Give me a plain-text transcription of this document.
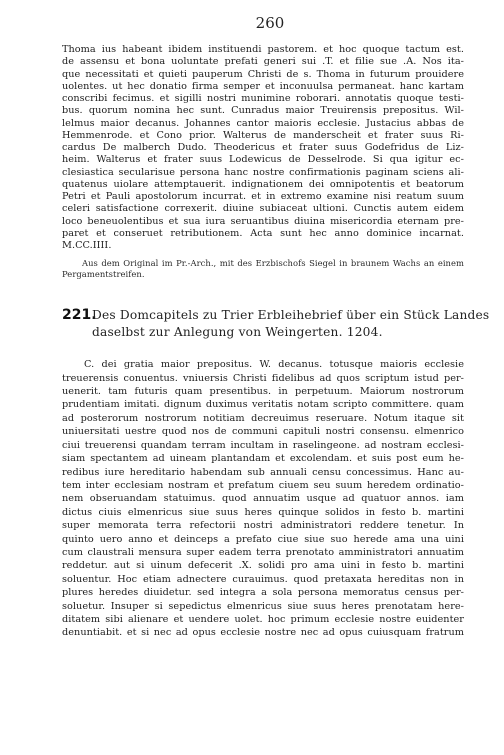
260
Thoma ius habeant ibidem instituendi pastorem. et hoc quoque tactum est.
de assensu et bona uoluntate prefati generi sui .T. et filie sue .A. Nos ita-
que necessitati et quieti pauperum Christi de s. Thoma in futurum prouidere
uolentes. ut hec donatio firma semper et inconuulsa permaneat. hanc kartam
conscribi fecimus. et sigilli nostri munimine roborari. annotatis quoque testi-
bus. quorum nomina hec sunt. Cunradus maior Treuirensis prepositus. Wil-
lelmus maior decanus. Johannes cantor maioris ecclesie. Justacius abbas de
Hemmenrode. et Cono prior. Walterus de manderscheit et frater suus Ri-
cardus De malberch Dudo. Theodericus et frater suus Godefridus de Liz-
heim. Walterus et frater suus Lodewicus de Desselrode. Si qua igitur ec-
clesiastica secularisue persona hanc nostre confirmationis paginam sciens ali-
quatenus uiolare attemptauerit. indignationem dei omnipotentis et beatorum
Petri et Pauli apostolorum incurrat. et in extremo examine nisi reatum suum
celeri satisfactione correxerit. diuine subiaceat ultioni. Cunctis autem eidem
loco beneuolentibus et sua iura seruantibus diuina misericordia eternam pre-
paret et conseruet retributionem. Acta sunt hec anno dominice incarnat.
M.CC.IIII.
Aus dem Original im Pr.-Arch., mit des Erzbischofs Siegel in braunem Wachs an einem
Pergamentstreifen.
221.
Des Domcapitels zu Trier Erbleihebrief über ein Stück Landes
daselbst zur Anlegung von Weingerten. 1204.
C. dei gratia maior prepositus. W. decanus. totusque maioris ecclesie
treuerensis conuentus. vniuersis Christi fidelibus ad quos scriptum istud per-
uenerit. tam futuris quam presentibus. in perpetuum. Maiorum nostrorum
prudentiam imitati. dignum duximus veritatis notam scripto committere. quam
ad posterorum nostrorum notitiam decreuimus reseruare. Notum itaque sit
uniuersitati uestre quod nos de communi capituli nostri consensu. elmenrico
ciui treuerensi quandam terram incultam in raselingeone. ad nostram ecclesi-
siam spectantem ad uineam plantandam et excolendam. et suis post eum he-
redibus iure hereditario habendam sub annuali censu concessimus. Hanc au-
tem inter ecclesiam nostram et prefatum ciuem seu suum heredem ordinatio-
nem obseruandam statuimus. quod annuatim usque ad quatuor annos. iam
dictus ciuis elmenricus siue suus heres quinque solidos in festo b. martini
super memorata terra refectorii nostri administratori reddere tenetur. In
quinto uero anno et deinceps a prefato ciue siue suo herede ama una uini
cum claustrali mensura super eadem terra prenotato amministratori annuatim
reddetur. aut si uinum defecerit .X. solidi pro ama uini in festo b. martini
soluentur. Hoc etiam adnectere curauimus. quod pretaxata hereditas non in
plures heredes diuidetur. sed integra a sola persona memoratus census per-
soluetur. Insuper si sepedictus elmenricus siue suus heres prenotatam here-
ditatem sibi alienare et uendere uolet. hoc primum ecclesie nostre euidenter
denuntiabit. et si nec ad opus ecclesie nostre nec ad opus cuiusquam fratrum
